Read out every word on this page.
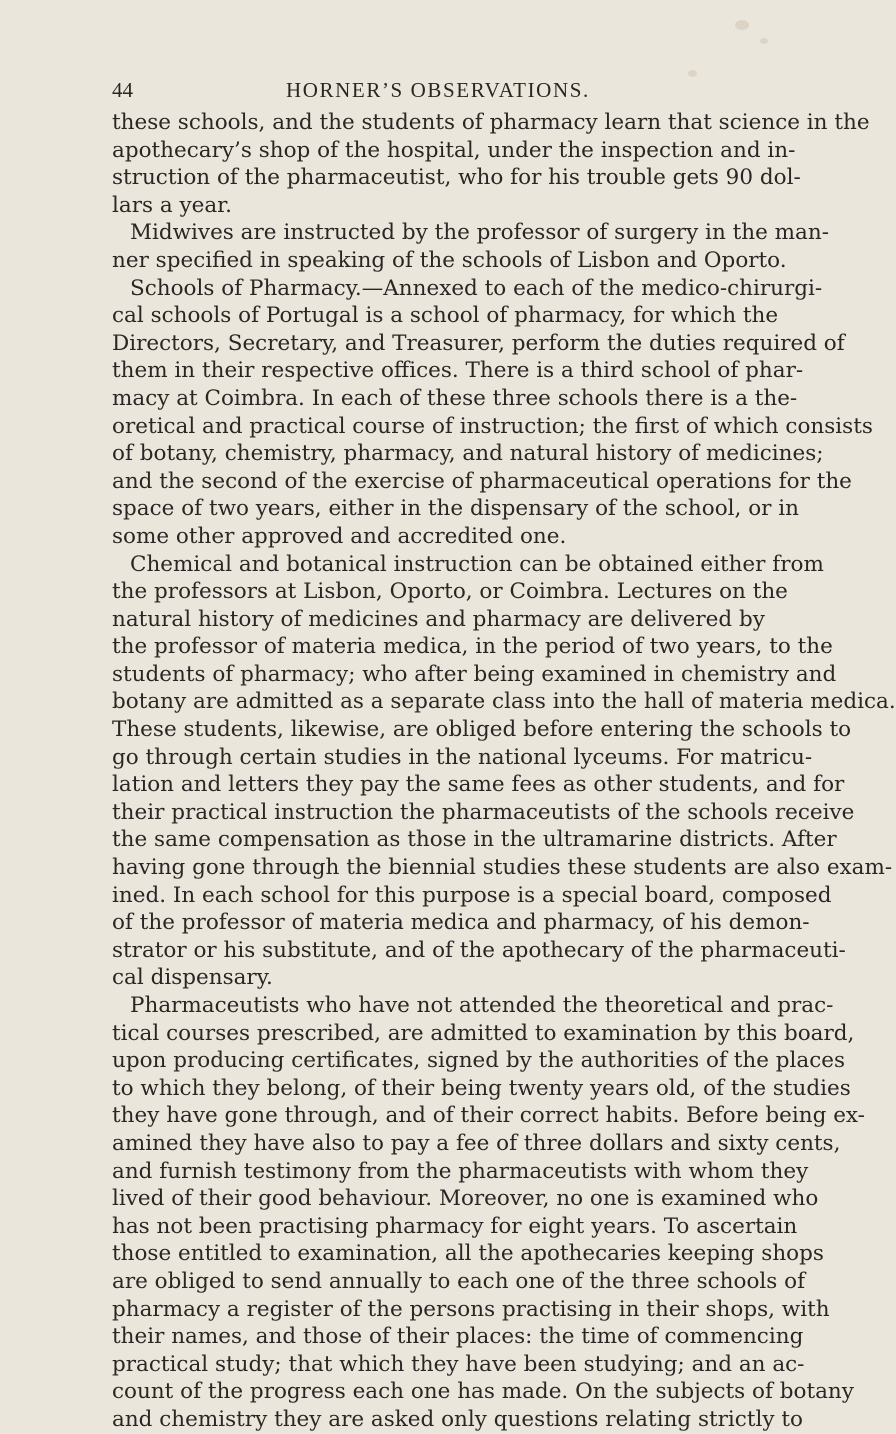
44	HORNER’S OBSERVATIONS.
these schools, and the students of pharmacy learn that science in the
apothecary’s shop of the hospital, under the inspection and in-
struction of the pharmaceutist, who for his trouble gets 90 dol-
lars a year.
Midwives are instructed by the professor of surgery in the man-
ner specified in speaking of the schools of Lisbon and Oporto.
Schools of Pharmacy.—Annexed to each of the medico-chirurgi-
cal schools of Portugal is a school of pharmacy, for which the
Directors, Secretary, and Treasurer, perform the duties required of
them in their respective offices. There is a third school of phar-
macy at Coimbra. In each of these three schools there is a the-
oretical and practical course of instruction; the first of which consists
of botany, chemistry, pharmacy, and natural history of medicines;
and the second of the exercise of pharmaceutical operations for the
space of two years, either in the dispensary of the school, or in
some other approved and accredited one.
Chemical and botanical instruction can be obtained either from
the professors at Lisbon, Oporto, or Coimbra. Lectures on the
natural history of medicines and pharmacy are delivered by
the professor of materia medica, in the period of two years, to the
students of pharmacy; who after being examined in chemistry and
botany are admitted as a separate class into the hall of materia medica.
These students, likewise, are obliged before entering the schools to
go through certain studies in the national lyceums. For matricu-
lation and letters they pay the same fees as other students, and for
their practical instruction the pharmaceutists of the schools receive
the same compensation as those in the ultramarine districts. After
having gone through the biennial studies these students are also exam-
ined. In each school for this purpose is a special board, composed
of the professor of materia medica and pharmacy, of his demon-
strator or his substitute, and of the apothecary of the pharmaceuti-
cal dispensary.
Pharmaceutists who have not attended the theoretical and prac-
tical courses prescribed, are admitted to examination by this board,
upon producing certificates, signed by the authorities of the places
to which they belong, of their being twenty years old, of the studies
they have gone through, and of their correct habits. Before being ex-
amined they have also to pay a fee of three dollars and sixty cents,
and furnish testimony from the pharmaceutists with whom they
lived of their good behaviour. Moreover, no one is examined who
has not been practising pharmacy for eight years. To ascertain
those entitled to examination, all the apothecaries keeping shops
are obliged to send annually to each one of the three schools of
pharmacy a register of the persons practising in their shops, with
their names, and those of their places: the time of commencing
practical study; that which they have been studying; and an ac-
count of the progress each one has made. On the subjects of botany
and chemistry they are asked only questions relating strictly to
